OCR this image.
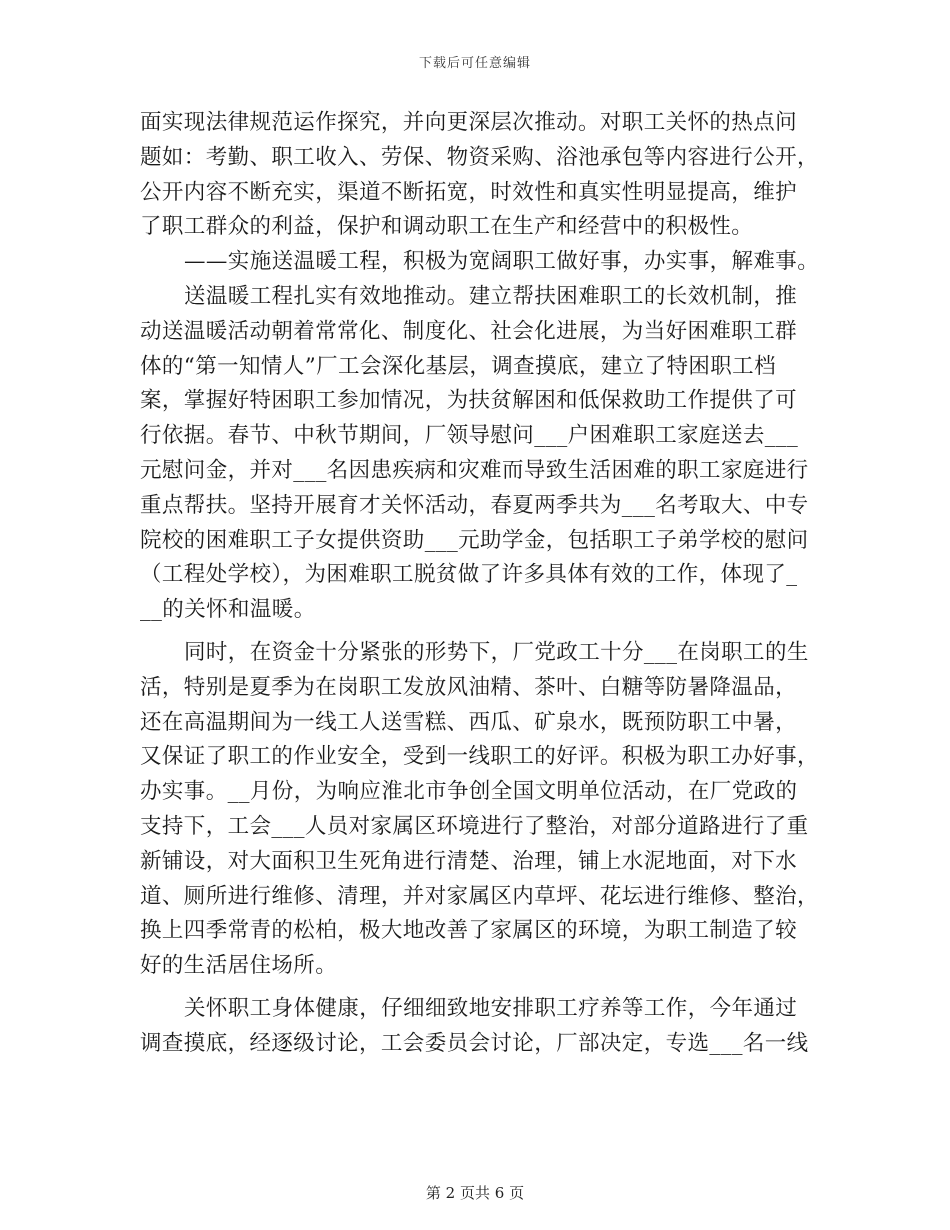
下载后可任意编辑
面实现法律规范运作探究，并向更深层次推动。对职工关怀的热点问
题如：考勤、职工收入、劳保、物资采购、浴池承包等内容进行公开，
公开内容不断充实，渠道不断拓宽，时效性和真实性明显提高，维护
了职工群众的利益，保护和调动职工在生产和经营中的积极性。
——实施送温暖工程，积极为宽阔职工做好事，办实事，解难事。
送温暖工程扎实有效地推动。建立帮扶困难职工的长效机制，推
动送温暖活动朝着常常化、制度化、社会化进展，为当好困难职工群
体的“第一知情人”厂工会深化基层，调查摸底，建立了特困职工档
案，掌握好特困职工参加情况，为扶贫解困和低保救助工作提供了可
行依据。春节、中秋节期间，厂领导慰问___户困难职工家庭送去___
元慰问金，并对___名因患疾病和灾难而导致生活困难的职工家庭进行
重点帮扶。坚持开展育才关怀活动，春夏两季共为___名考取大、中专
院校的困难职工子女提供资助___元助学金，包括职工子弟学校的慰问
（工程处学校），为困难职工脱贫做了许多具体有效的工作，体现了_
__的关怀和温暖。
同时，在资金十分紧张的形势下，厂党政工十分___在岗职工的生
活，特别是夏季为在岗职工发放风油精、茶叶、白糖等防暑降温品，
还在高温期间为一线工人送雪糕、西瓜、矿泉水，既预防职工中暑，
又保证了职工的作业安全，受到一线职工的好评。积极为职工办好事，
办实事。__月份，为响应淮北市争创全国文明单位活动，在厂党政的
支持下，工会___人员对家属区环境进行了整治，对部分道路进行了重
新铺设，对大面积卫生死角进行清楚、治理，铺上水泥地面，对下水
道、厕所进行维修、清理，并对家属区内草坪、花坛进行维修、整治，
换上四季常青的松柏，极大地改善了家属区的环境，为职工制造了较
好的生活居住场所。
关怀职工身体健康，仔细细致地安排职工疗养等工作，今年通过
调查摸底，经逐级讨论，工会委员会讨论，厂部决定，专选___名一线
第 2 页共 6 页
